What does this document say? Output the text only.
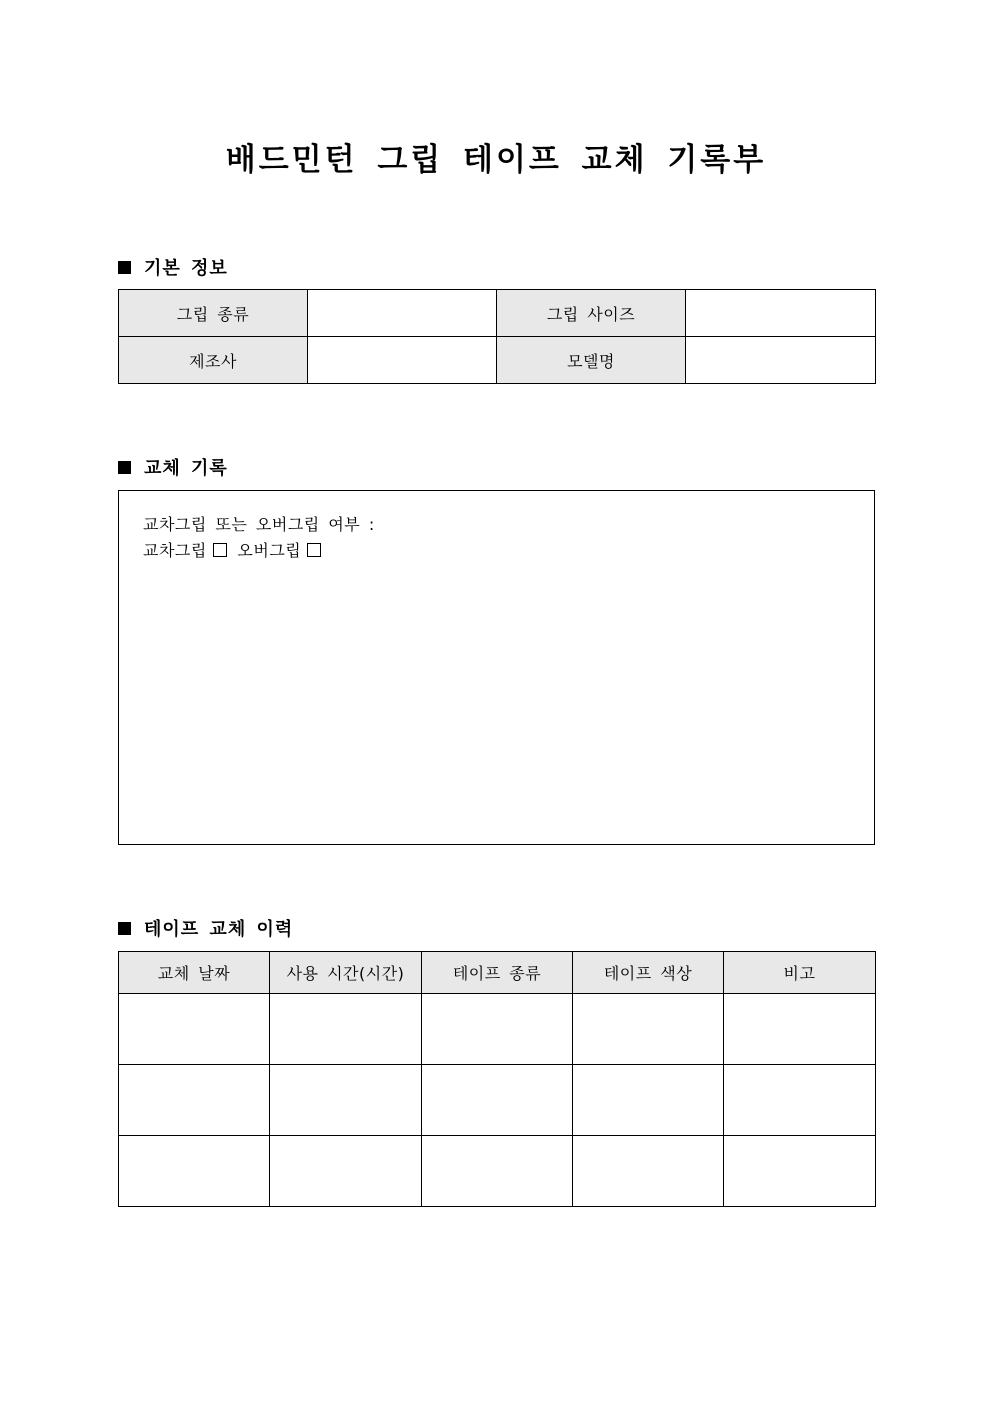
배드민턴 그립 테이프 교체 기록부
기본 정보
그립 종류		그립 사이즈	
제조사		모델명	
교체 기록
교차그립 또는 오버그립 여부 :
교차그립 오버그립
테이프 교체 이력
교체 날짜	사용 시간(시간)	테이프 종류	테이프 색상	비고
